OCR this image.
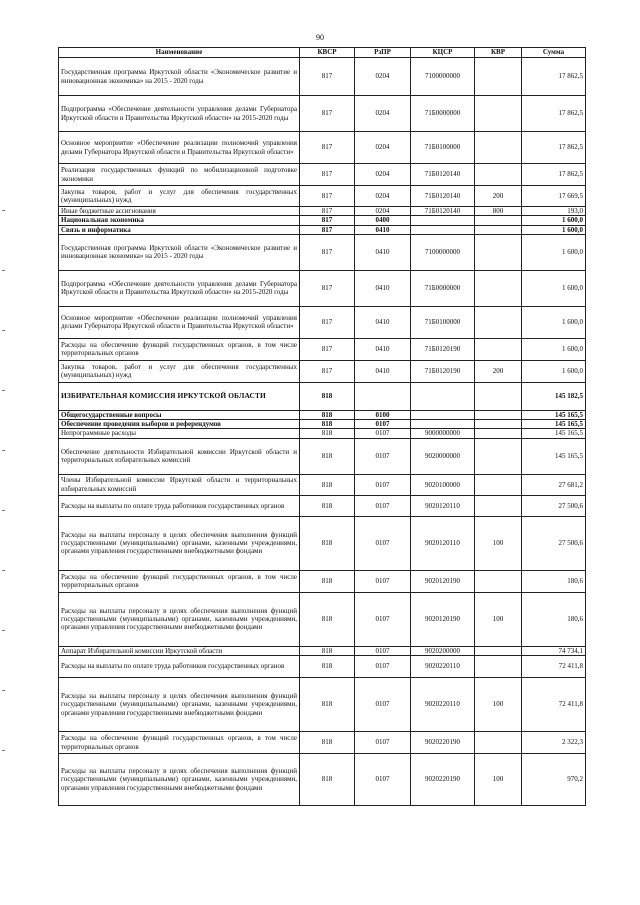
90
Наименование	КВСР	РзПР	КЦСР	КВР	Сумма
Государственная программа Иркутской области «Экономическое развитие и инновационная экономика» на 2015 - 2020 годы	817	0204	7100000000		17 862,5
Подпрограмма «Обеспечение деятельности управления делами Губернатора Иркутской области и Правительства Иркутской области» на 2015-2020 годы	817	0204	71Б0000000		17 862,5
Основное мероприятие «Обеспечение реализации полномочий управления делами Губернатора Иркутской области и Правительства Иркутской области»	817	0204	71Б0100000		17 862,5
Реализация государственных функций по мобилизационной подготовке экономики	817	0204	71Б0120140		17 862,5
Закупка товаров, работ и услуг для обеспечения государственных (муниципальных) нужд	817	0204	71Б0120140	200	17 669,5
Иные бюджетные ассигнования	817	0204	71Б0120140	800	193,0
Национальная экономика	817	0400			1 600,0
Связь и информатика	817	0410			1 600,0
Государственная программа Иркутской области «Экономическое развитие и инновационная экономика» на 2015 - 2020 годы	817	0410	7100000000		1 600,0
Подпрограмма «Обеспечение деятельности управления делами Губернатора Иркутской области и Правительства Иркутской области» на 2015-2020 годы	817	0410	71Б0000000		1 600,0
Основное мероприятие «Обеспечение реализации полномочий управления делами Губернатора Иркутской области и Правительства Иркутской области»	817	0410	71Б0100000		1 600,0
Расходы на обеспечение функций государственных органов, в том числе территориальных органов	817	0410	71Б0120190		1 600,0
Закупка товаров, работ и услуг для обеспечения государственных (муниципальных) нужд	817	0410	71Б0120190	200	1 600,0
ИЗБИРАТЕЛЬНАЯ КОМИССИЯ ИРКУТСКОЙ ОБЛАСТИ	818				145 182,5
Общегосударственные вопросы	818	0100			145 165,5
Обеспечение проведения выборов и референдумов	818	0107			145 165,5
Непрограммные расходы	818	0107	9000000000		145 165,5
Обеспечение деятельности Избирательной комиссии Иркутской области и территориальных избирательных комиссий	818	0107	9020000000		145 165,5
Члены Избирательной комиссии Иркутской области и территориальных избирательных комиссий	818	0107	9020100000		27 681,2
Расходы на выплаты по оплате труда работников государственных органов	818	0107	9020120110		27 500,6
Расходы на выплаты персоналу в целях обеспечения выполнения функций государственными (муниципальными) органами, казенными учреждениями, органами управления государственными внебюджетными фондами	818	0107	9020120110	100	27 500,6
Расходы на обеспечение функций государственных органов, в том числе территориальных органов	818	0107	9020120190		180,6
Расходы на выплаты персоналу в целях обеспечения выполнения функций государственными (муниципальными) органами, казенными учреждениями, органами управления государственными внебюджетными фондами	818	0107	9020120190	100	180,6
Аппарат Избирательной комиссии Иркутской области	818	0107	9020200000		74 734,1
Расходы на выплаты по оплате труда работников государственных органов	818	0107	9020220110		72 411,8
Расходы на выплаты персоналу в целях обеспечения выполнения функций государственными (муниципальными) органами, казенными учреждениями, органами управления государственными внебюджетными фондами	818	0107	9020220110	100	72 411,8
Расходы на обеспечение функций государственных органов, в том числе территориальных органов	818	0107	9020220190		2 322,3
Расходы на выплаты персоналу в целях обеспечения выполнения функций государственными (муниципальными) органами, казенными учреждениями, органами управления государственными внебюджетными фондами	818	0107	9020220190	100	970,2
